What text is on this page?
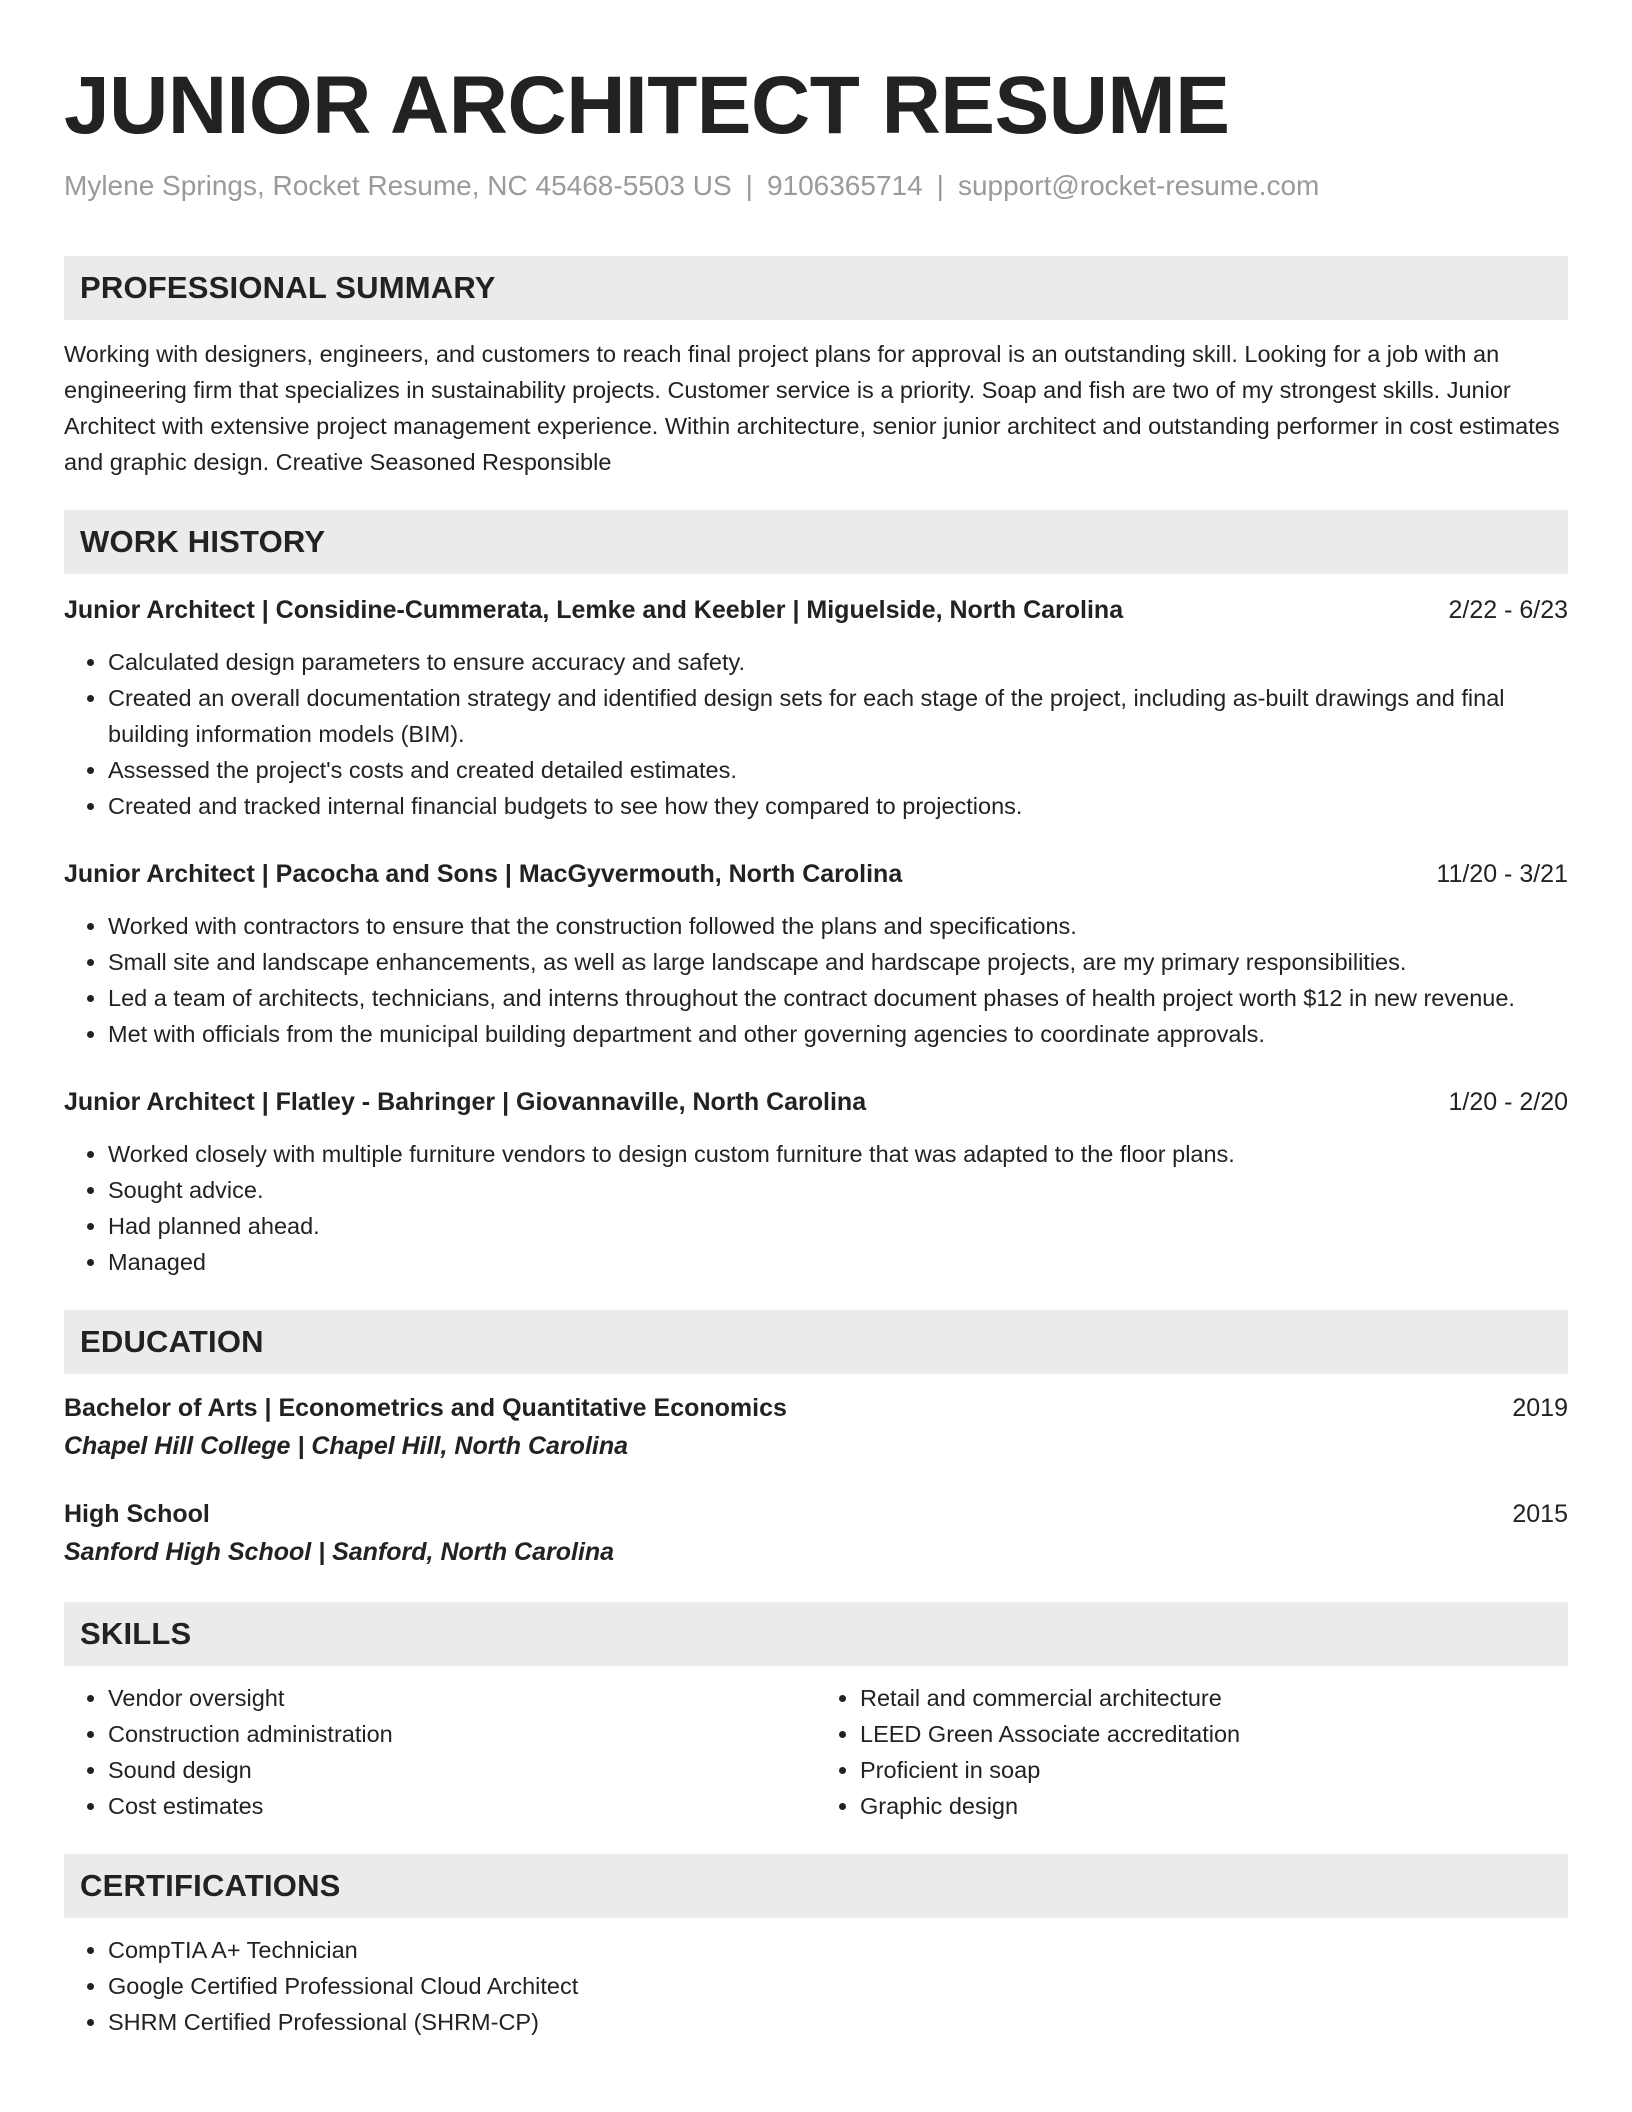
JUNIOR ARCHITECT RESUME
Mylene Springs, Rocket Resume, NC 45468-5503 US | 9106365714 | support@rocket-resume.com
PROFESSIONAL SUMMARY

Working with designers, engineers, and customers to reach final project plans for approval is an outstanding skill. Looking for a job with an engineering firm that specializes in sustainability projects. Customer service is a priority. Soap and fish are two of my strongest skills. Junior Architect with extensive project management experience. Within architecture, senior junior architect and outstanding performer in cost estimates and graphic design. Creative Seasoned Responsible

WORK HISTORY
Junior Architect | Considine-Cummerata, Lemke and Keebler | Miguelside, North Carolina	2/22 - 6/23
• Calculated design parameters to ensure accuracy and safety.
• Created an overall documentation strategy and identified design sets for each stage of the project, including as-built drawings and final building information models (BIM).
• Assessed the project's costs and created detailed estimates.
• Created and tracked internal financial budgets to see how they compared to projections.
Junior Architect | Pacocha and Sons | MacGyvermouth, North Carolina	11/20 - 3/21
• Worked with contractors to ensure that the construction followed the plans and specifications.
• Small site and landscape enhancements, as well as large landscape and hardscape projects, are my primary responsibilities.
• Led a team of architects, technicians, and interns throughout the contract document phases of health project worth $12 in new revenue.
• Met with officials from the municipal building department and other governing agencies to coordinate approvals.
Junior Architect | Flatley - Bahringer | Giovannaville, North Carolina	1/20 - 2/20
• Worked closely with multiple furniture vendors to design custom furniture that was adapted to the floor plans.
• Sought advice.
• Had planned ahead.
• Managed
EDUCATION
Bachelor of Arts | Econometrics and Quantitative Economics	2019
Chapel Hill College | Chapel Hill, North Carolina
High School	2015
Sanford High School | Sanford, North Carolina
SKILLS
• Vendor oversight
• Construction administration
• Sound design
• Cost estimates
• Retail and commercial architecture
• LEED Green Associate accreditation
• Proficient in soap
• Graphic design
CERTIFICATIONS
• CompTIA A+ Technician
• Google Certified Professional Cloud Architect
• SHRM Certified Professional (SHRM-CP)
